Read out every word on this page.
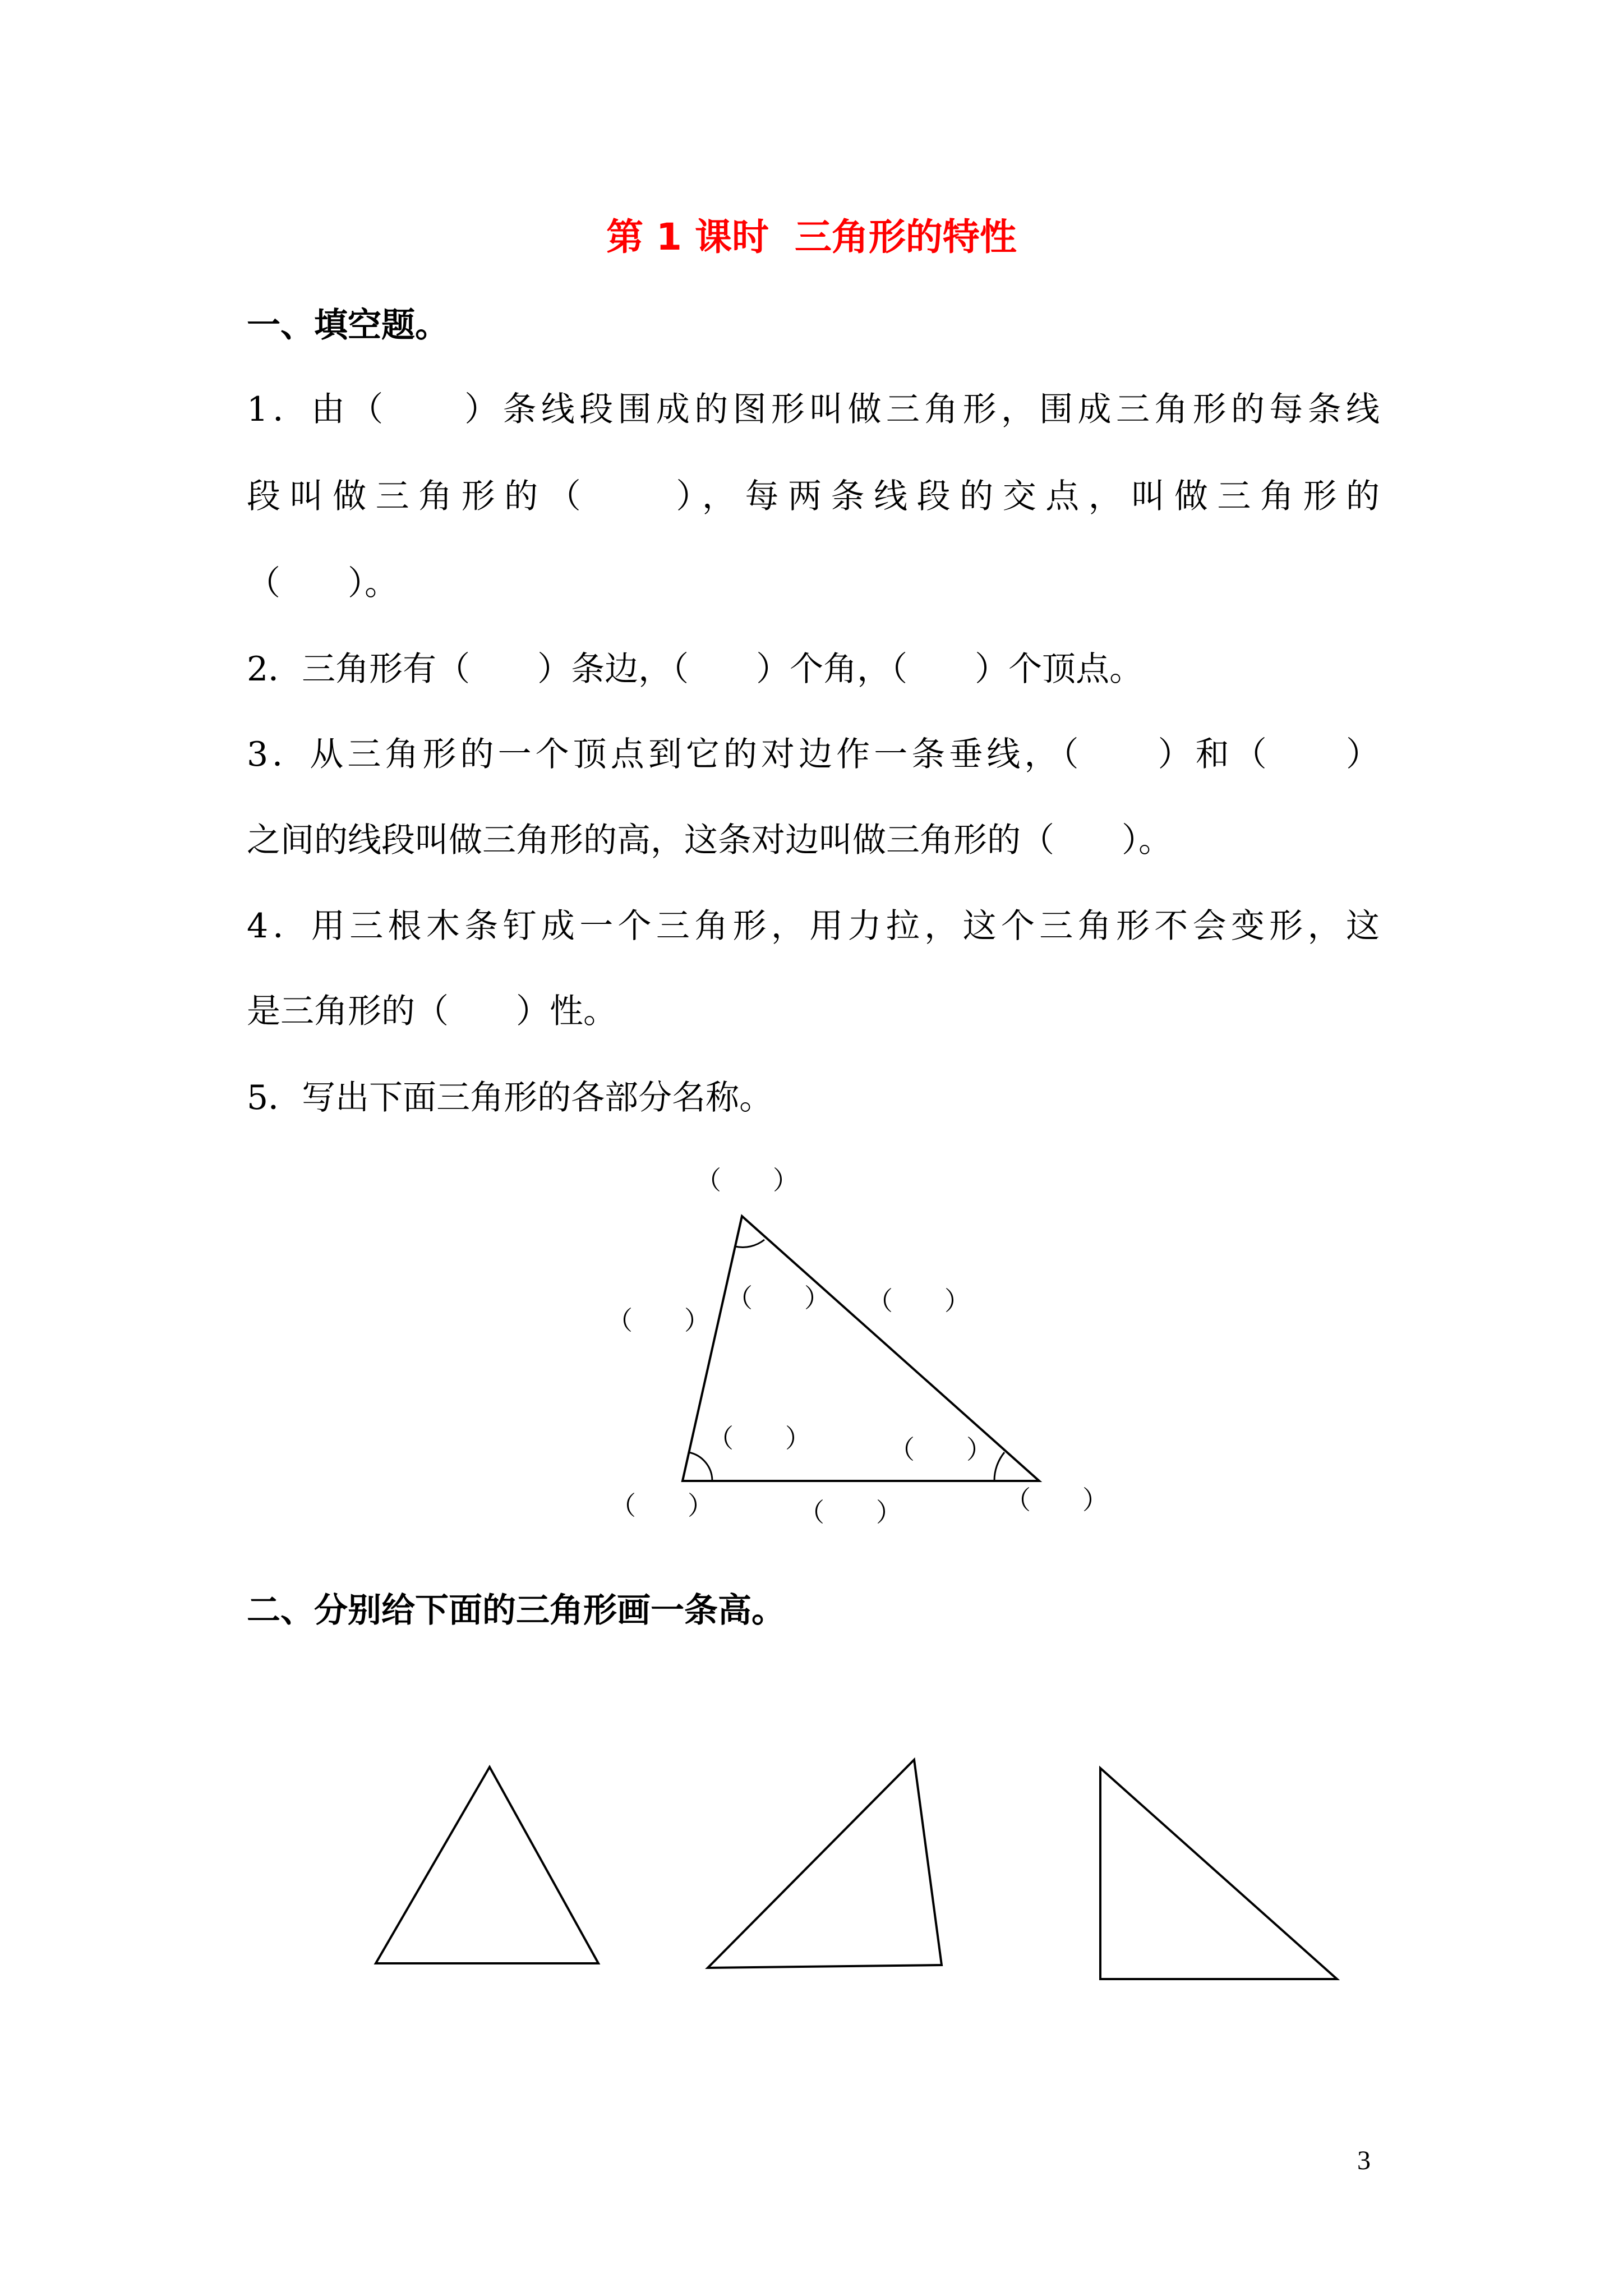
第 1 课时  三角形的特性
一、填空题。
1．由（　　）条线段围成的图形叫做三角形，围成三角形的每条线
段叫做三角形的（　　），每两条线段的交点，叫做三角形的
（　　）。
2．三角形有（　　）条边，（　　）个角，（　　）个顶点。
3．从三角形的一个顶点到它的对边作一条垂线，（　　）和（　　）
之间的线段叫做三角形的高，这条对边叫做三角形的（　　）。
4．用三根木条钉成一个三角形，用力拉，这个三角形不会变形，这
是三角形的（　　）性。
5．写出下面三角形的各部分名称。
（　　）
（　　） （　　）
（　　）
（　　）	（　　）
（　　）	（　　）	（　　）
二、分别给下面的三角形画一条高。
3
